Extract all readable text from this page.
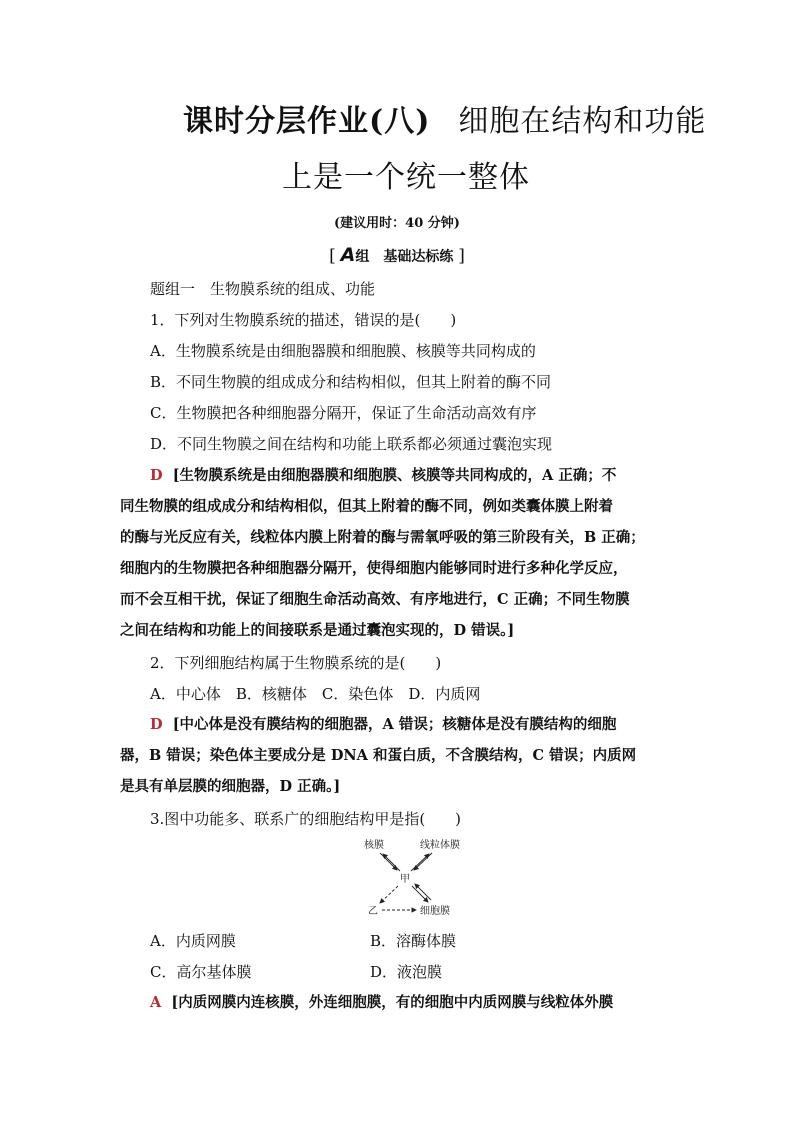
课时分层作业(八) 细胞在结构和功能
上是一个统一整体
(建议用时：40 分钟)
[ A组　基础达标练 ]
题组一　生物膜系统的组成、功能
1．下列对生物膜系统的描述，错误的是(　　)
A．生物膜系统是由细胞器膜和细胞膜、核膜等共同构成的
B．不同生物膜的组成成分和结构相似，但其上附着的酶不同
C．生物膜把各种细胞器分隔开，保证了生命活动高效有序
D．不同生物膜之间在结构和功能上联系都必须通过囊泡实现
D [生物膜系统是由细胞器膜和细胞膜、核膜等共同构成的，A 正确；不
同生物膜的组成成分和结构相似，但其上附着的酶不同，例如类囊体膜上附着
的酶与光反应有关，线粒体内膜上附着的酶与需氧呼吸的第三阶段有关，B 正确；
细胞内的生物膜把各种细胞器分隔开，使得细胞内能够同时进行多种化学反应，
而不会互相干扰，保证了细胞生命活动高效、有序地进行，C 正确；不同生物膜
之间在结构和功能上的间接联系是通过囊泡实现的，D 错误。]
2．下列细胞结构属于生物膜系统的是(　　)
A．中心体　B．核糖体　C．染色体　D．内质网
D [中心体是没有膜结构的细胞器，A 错误；核糖体是没有膜结构的细胞
器，B 错误；染色体主要成分是 DNA 和蛋白质，不含膜结构，C 错误；内质网
是具有单层膜的细胞器，D 正确。]
3.图中功能多、联系广的细胞结构甲是指(　　)
核膜	线粒体膜
甲
乙	细胞膜
A．内质网膜	B．溶酶体膜
C．高尔基体膜	D．液泡膜
A [内质网膜内连核膜，外连细胞膜，有的细胞中内质网膜与线粒体外膜
